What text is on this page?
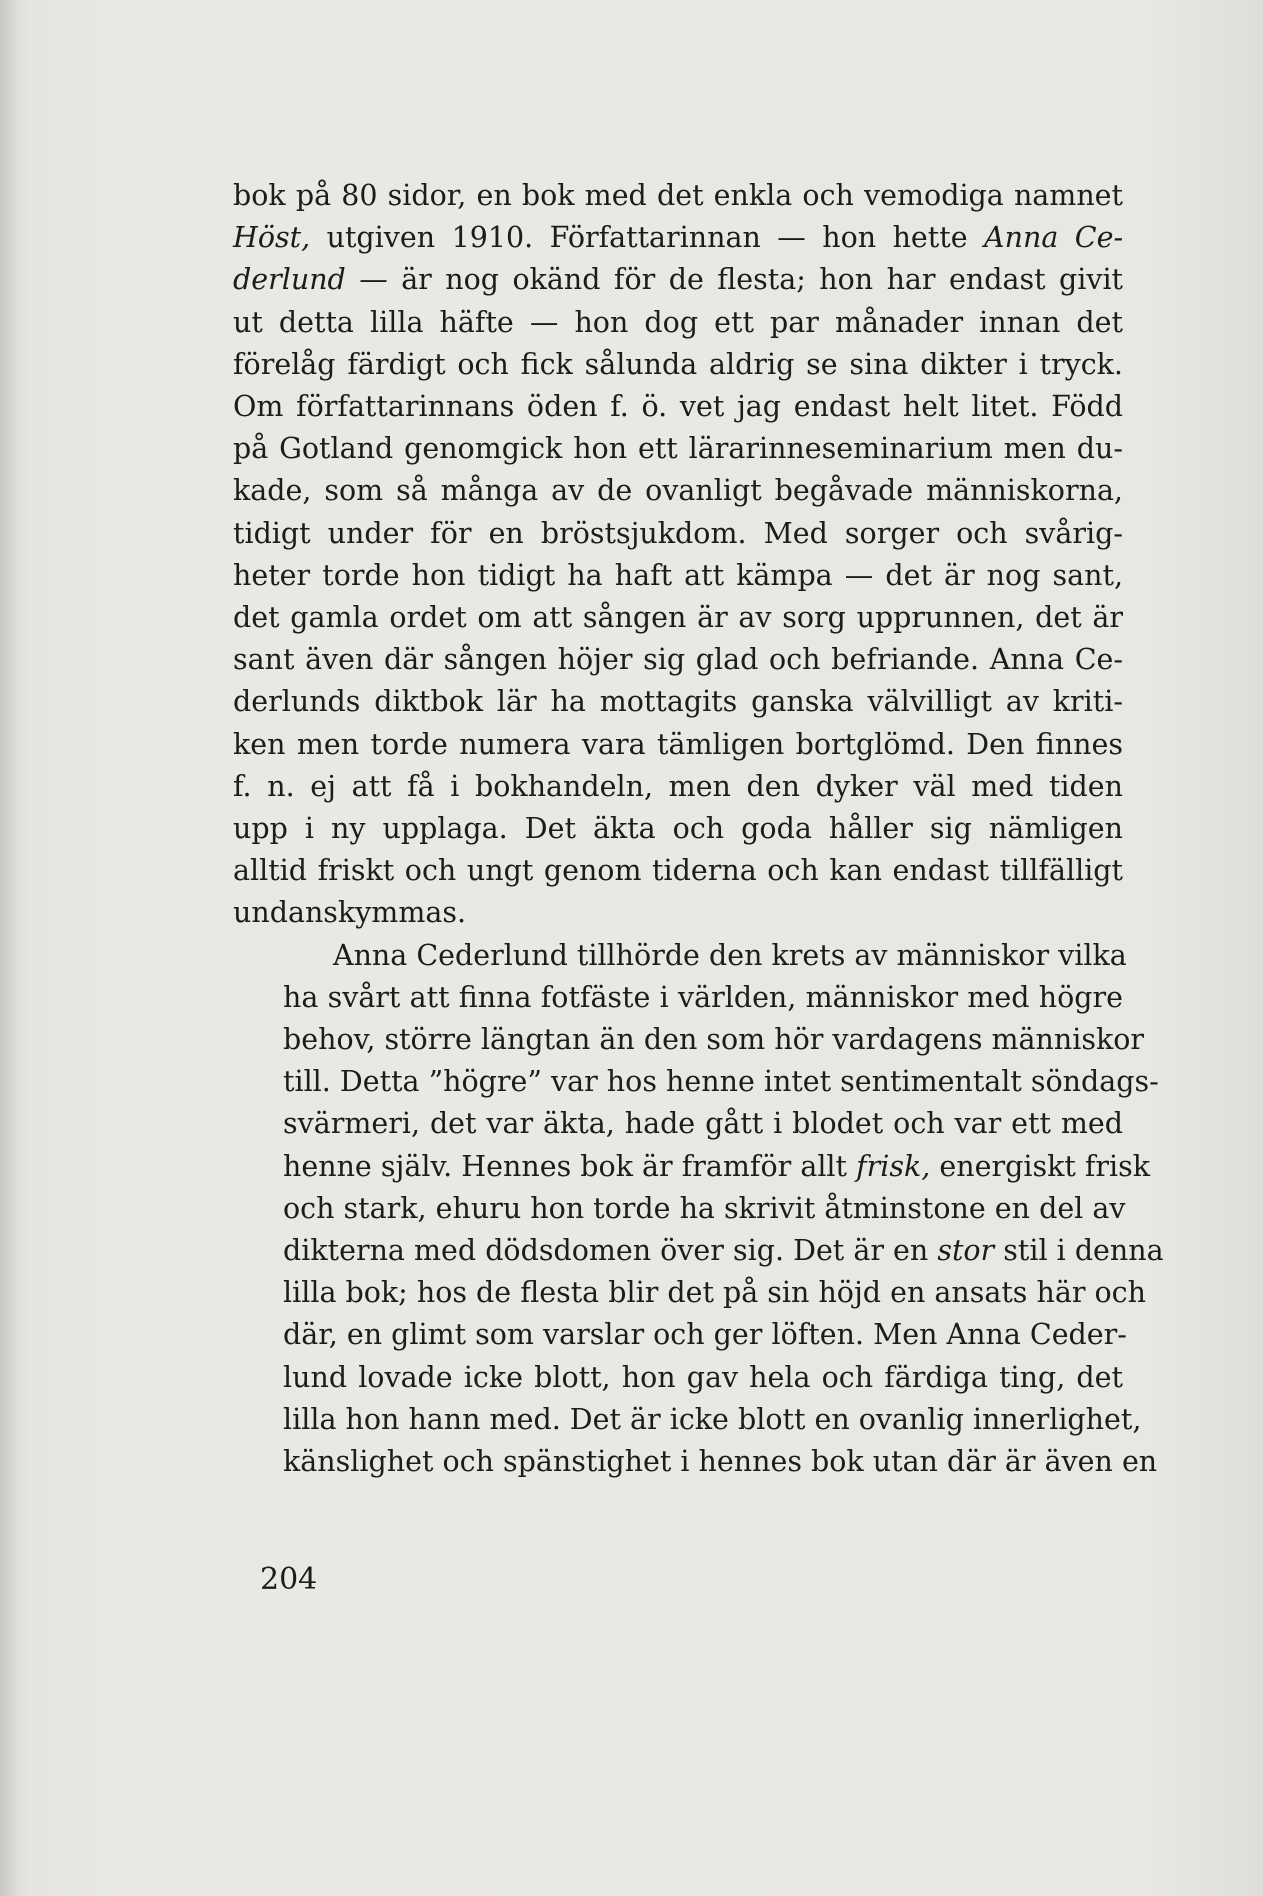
bok på 80 sidor, en bok med det enkla och vemodiga namnet
Höst, utgiven 1910. Författarinnan — hon hette Anna Ce-
derlund — är nog okänd för de flesta; hon har endast givit
ut detta lilla häfte — hon dog ett par månader innan det
förelåg färdigt och fick sålunda aldrig se sina dikter i tryck.
Om författarinnans öden f. ö. vet jag endast helt litet. Född
på Gotland genomgick hon ett lärarinneseminarium men du-
kade, som så många av de ovanligt begåvade människorna,
tidigt under för en bröstsjukdom. Med sorger och svårig-
heter torde hon tidigt ha haft att kämpa — det är nog sant,
det gamla ordet om att sången är av sorg upprunnen, det är
sant även där sången höjer sig glad och befriande. Anna Ce-
derlunds diktbok lär ha mottagits ganska välvilligt av kriti-
ken men torde numera vara tämligen bortglömd. Den finnes
f. n. ej att få i bokhandeln, men den dyker väl med tiden
upp i ny upplaga. Det äkta och goda håller sig nämligen
alltid friskt och ungt genom tiderna och kan endast tillfälligt
undanskymmas.

Anna Cederlund tillhörde den krets av människor vilka
ha svårt att finna fotfäste i världen, människor med högre
behov, större längtan än den som hör vardagens människor
till. Detta ”högre” var hos henne intet sentimentalt söndags-
svärmeri, det var äkta, hade gått i blodet och var ett med
henne själv. Hennes bok är framför allt frisk, energiskt frisk
och stark, ehuru hon torde ha skrivit åtminstone en del av
dikterna med dödsdomen över sig. Det är en stor stil i denna
lilla bok; hos de flesta blir det på sin höjd en ansats här och
där, en glimt som varslar och ger löften. Men Anna Ceder-
lund lovade icke blott, hon gav hela och färdiga ting, det
lilla hon hann med. Det är icke blott en ovanlig innerlighet,
känslighet och spänstighet i hennes bok utan där är även en

204
